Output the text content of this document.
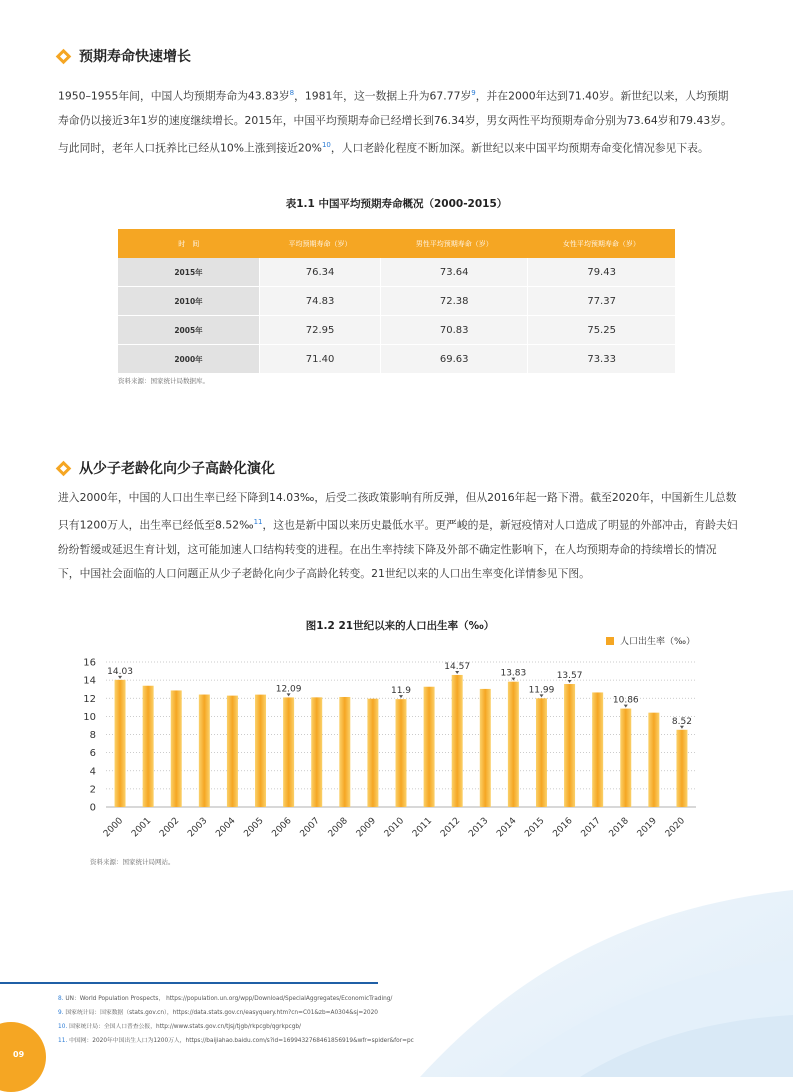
预期寿命快速增长
1950–1955年间，中国人均预期寿命为43.83岁$^8$，1981年，这一数据上升为67.77岁$^9$，并在2000年达到71.40岁。新世纪以来，人均预期寿命仍以接近3年1岁的速度继续增长。2015年，中国平均预期寿命已经增长到76.34岁，男女两性平均预期寿命分别为73.64岁和79.43岁。与此同时，老年人口抚养比已经从10%上涨到接近20%$^{10}$，人口老龄化程度不断加深。新世纪以来中国平均预期寿命变化情况参见下表。
表1.1 中国平均预期寿命概况（2000-2015）
时　间	平均预期寿命（岁）	男性平均预期寿命（岁）	女性平均预期寿命（岁）
2015年	76.34	73.64	79.43
2010年	74.83	72.38	77.37
2005年	72.95	70.83	75.25
2000年	71.40	69.63	73.33
资料来源：国家统计局数据库。
从少子老龄化向少子高龄化演化
进入2000年，中国的人口出生率已经下降到14.03‰，后受二孩政策影响有所反弹，但从2016年起一路下滑。截至2020年，中国新生儿总数只有1200万人，出生率已经低至8.52‰$^{11}$，这也是新中国以来历史最低水平。更严峻的是，新冠疫情对人口造成了明显的外部冲击，育龄夫妇纷纷暂缓或延迟生育计划，这可能加速人口结构转变的进程。在出生率持续下降及外部不确定性影响下，在人均预期寿命的持续增长的情况下，中国社会面临的人口问题正从少子老龄化向少子高龄化转变。21世纪以来的人口出生率变化详情参见下图。
图1.2 21世纪以来的人口出生率（‰）
人口出生率（‰）
0
2
4
6
8
10
12
14
16
2000
14.03
2001 2002 2003 2004 2005 2006
12.09
2007 2008 2009 2010
11.9
2011 2012
14.57
2013 2014
13.83
2015
11.99
2016
13.57
2017 2018
10.86
2019 2020
8.52
资料来源：国家统计局网站。
8. UN：World Population Prospects， https://population.un.org/wpp/Download/SpecialAggregates/EconomicTrading/
9. 国家统计局：国家数据（stats.gov.cn），https://data.stats.gov.cn/easyquery.htm?cn=C01&zb=A0304&sj=2020
10. 国家统计局：全国人口普查公报，http://www.stats.gov.cn/tjsj/tjgb/rkpcgb/qgrkpcgb/
11. 中国网：2020年中国出生人口为1200万人，https://baijiahao.baidu.com/s?id=1699432768461856919&wfr=spider&for=pc
09
